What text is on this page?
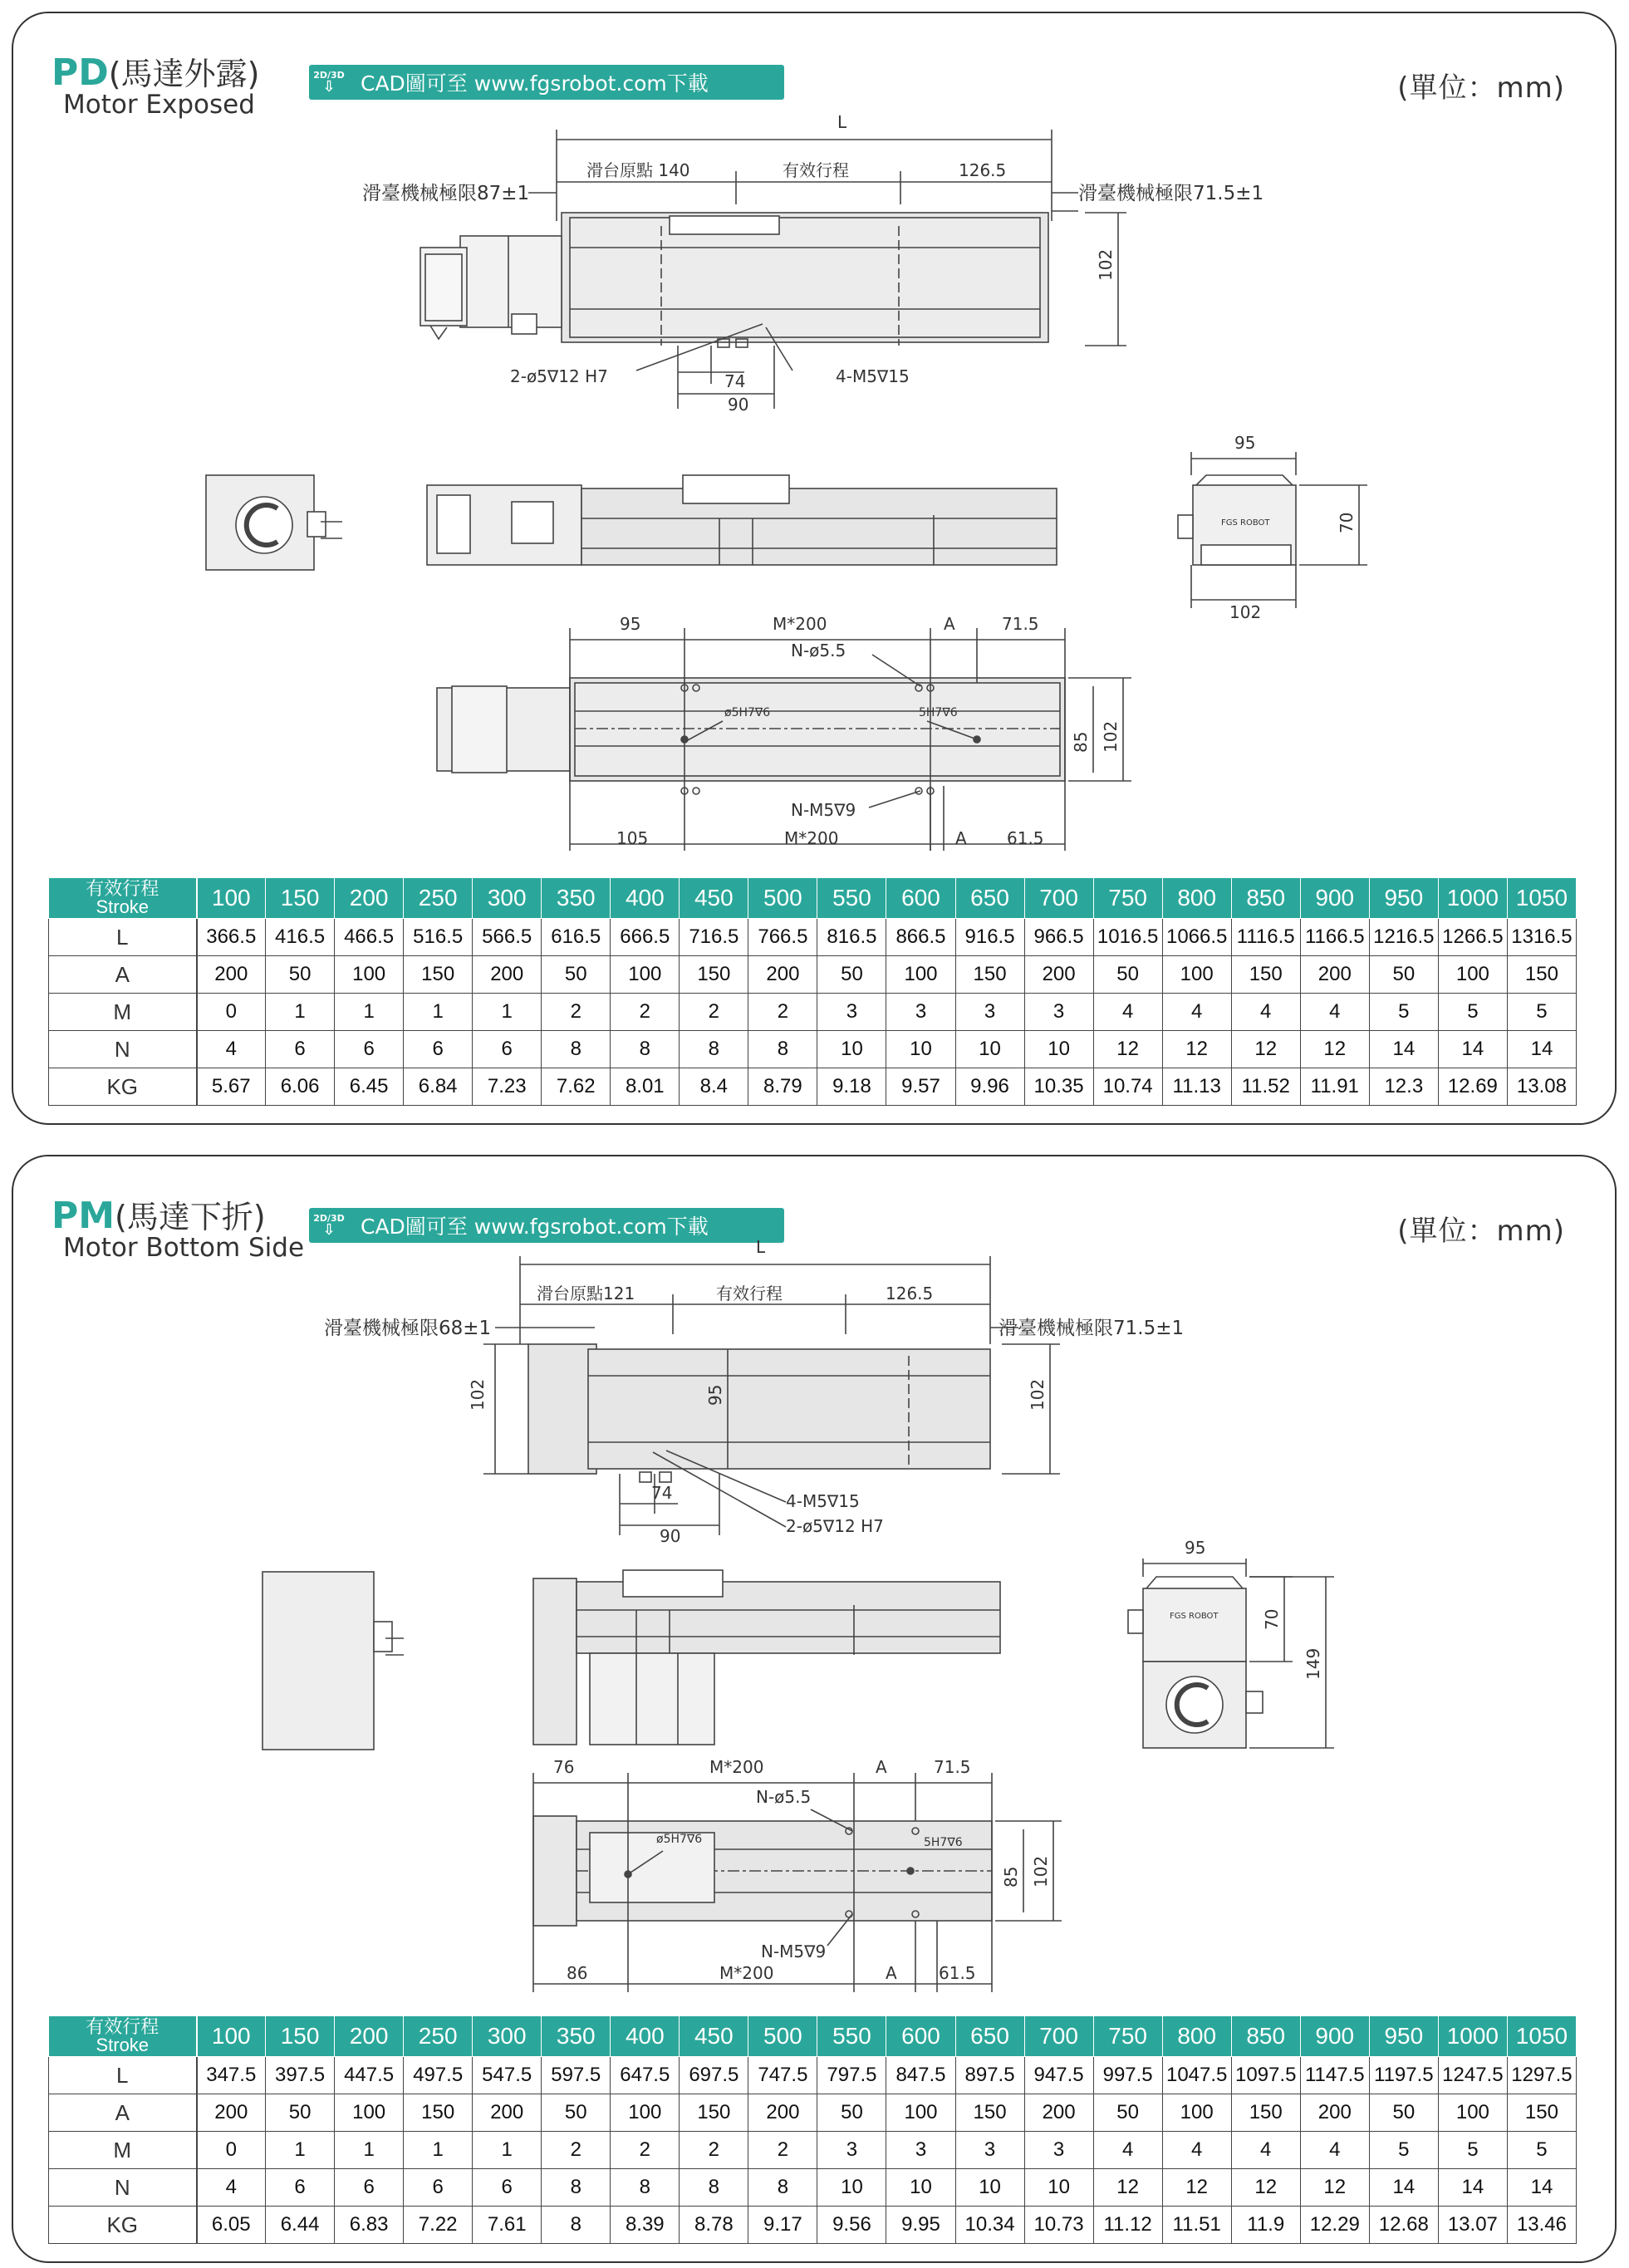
PD(馬達外露)
Motor Exposed
2D/3D
⇩ CAD圖可至 www.fgsrobot.com下載	(單位：mm)
L
滑台原點 140	有效行程	126.5
滑臺機械極限87±1	滑臺機械極限71.5±1
102
2-ø5∇12 H7	4-M5∇15
74
90
95
70
102
FGS ROBOT
95	M*200	A	71.5
N-ø5.5
ø5H7∇6	5H7∇6
85 102
N-M5∇9
105	M*200	A 61.5
有效行程
Stroke	100	150	200	250	300	350	400	450	500	550	600	650	700	750	800	850	900	950	1000	1050
L	366.5	416.5	466.5	516.5	566.5	616.5	666.5	716.5	766.5	816.5	866.5	916.5	966.5	1016.5	1066.5	1116.5	1166.5	1216.5	1266.5	1316.5
A	200	50	100	150	200	50	100	150	200	50	100	150	200	50	100	150	200	50	100	150
M	0	1	1	1	1	2	2	2	2	3	3	3	3	4	4	4	4	5	5	5
N	4	6	6	6	6	8	8	8	8	10	10	10	10	12	12	12	12	14	14	14
KG	5.67	6.06	6.45	6.84	7.23	7.62	8.01	8.4	8.79	9.18	9.57	9.96	10.35	10.74	11.13	11.52	11.91	12.3	12.69	13.08
PM(馬達下折)
Motor Bottom Side
2D/3D
⇩ CAD圖可至 www.fgsrobot.com下載	(單位：mm)
L
滑台原點121	有效行程	126.5
滑臺機械極限68±1	滑臺機械極限71.5±1
102	95	102
4-M5∇15
2-ø5∇12 H7
74
90
95
70
149
FGS ROBOT
76	M*200	A	71.5
N-ø5.5
ø5H7∇6	5H7∇6
85 102
N-M5∇9
86	M*200	A	61.5
有效行程
Stroke	100	150	200	250	300	350	400	450	500	550	600	650	700	750	800	850	900	950	1000	1050
L	347.5	397.5	447.5	497.5	547.5	597.5	647.5	697.5	747.5	797.5	847.5	897.5	947.5	997.5	1047.5	1097.5	1147.5	1197.5	1247.5	1297.5
A	200	50	100	150	200	50	100	150	200	50	100	150	200	50	100	150	200	50	100	150
M	0	1	1	1	1	2	2	2	2	3	3	3	3	4	4	4	4	5	5	5
N	4	6	6	6	6	8	8	8	8	10	10	10	10	12	12	12	12	14	14	14
KG	6.05	6.44	6.83	7.22	7.61	8	8.39	8.78	9.17	9.56	9.95	10.34	10.73	11.12	11.51	11.9	12.29	12.68	13.07	13.46
